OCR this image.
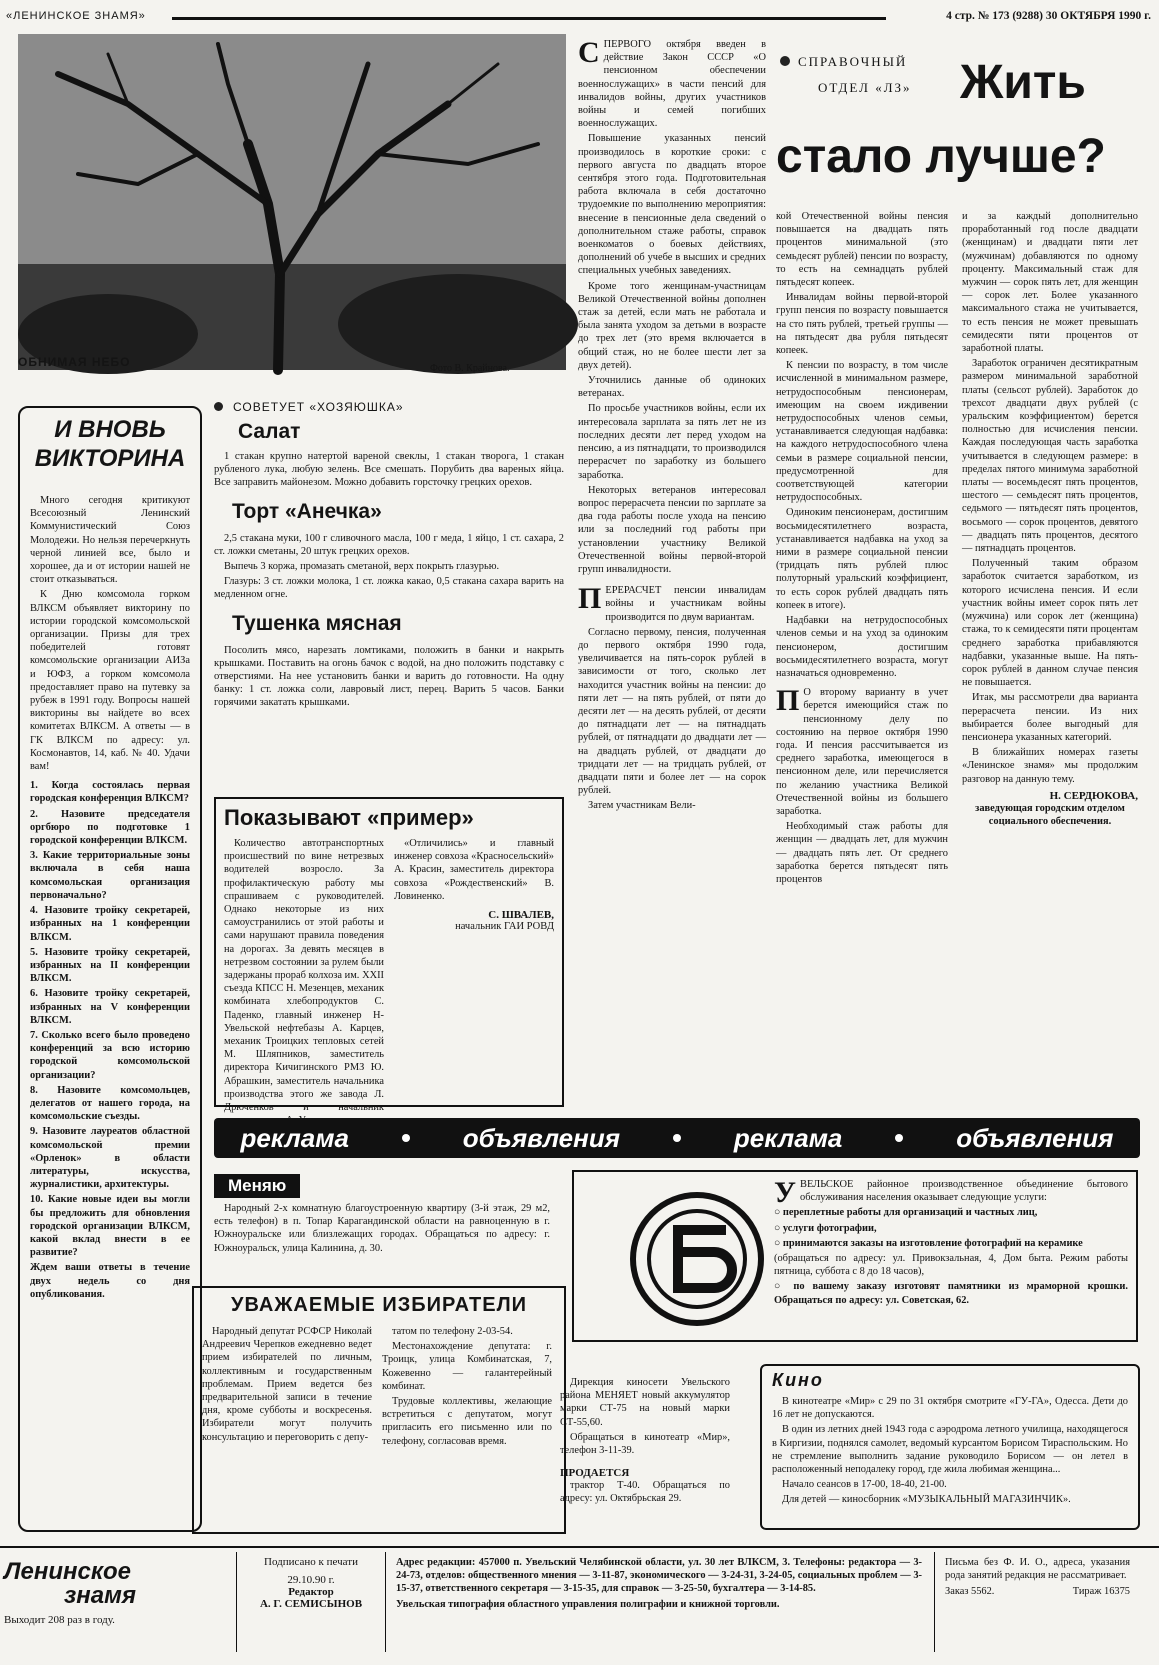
«ЛЕНИНСКОЕ ЗНАМЯ»	4 стр. № 173 (9288) 30 ОКТЯБРЯ 1990 г.
ОБНИМАЯ НЕБО	Фото В. Крайнова.
С ПЕРВОГО октября введен в действие Закон СССР «О пенсионном обеспечении военнослужащих» в части пенсий для инвалидов войны, других участников войны и семей погибших военнослужащих.

Повышение указанных пенсий производилось в короткие сроки: с первого августа по двадцать второе сентября этого года. Подготовительная работа включала в себя достаточно трудоемкие по выполнению мероприятия: внесение в пенсионные дела сведений о дополнительном стаже работы, справок военкоматов о боевых действиях, дополнений об учебе в высших и средних специальных учебных заведениях.

Кроме того женщинам-участницам Великой Отечественной войны дополнен стаж за детей, если мать не работала и была занята уходом за детьми в возрасте до трех лет (это время включается в общий стаж, но не более шести лет за двух детей).

Уточнились данные об одиноких ветеранах.

По просьбе участников войны, если их интересовала зарплата за пять лет не из последних десяти лет перед уходом на пенсию, а из пятнадцати, то производился перерасчет по заработку из большего заработка.

Некоторых ветеранов интересовал вопрос перерасчета пенсии по зарплате за два года работы после ухода на пенсию или за последний год работы при установлении участнику Великой Отечественной войны первой-второй групп инвалидности.

П ЕРЕРАСЧЕТ пенсии инвалидам войны и участникам войны производится по двум вариантам.

Согласно первому, пенсия, полученная до первого октября 1990 года, увеличивается на пять-сорок рублей в зависимости от того, сколько лет находится участник войны на пенсии: до пяти лет — на пять рублей, от пяти до десяти лет — на десять рублей, от десяти до пятнадцати лет — на пятнадцать рублей, от пятнадцати до двадцати лет — на двадцать рублей, от двадцати до тридцати лет — на тридцать рублей, от двадцати пяти и более лет — на сорок рублей.

Затем участникам Вели-

СПРАВОЧНЫЙ
ОТДЕЛ «ЛЗ» Жить
стало лучше?

кой Отечественной войны пенсия повышается на двадцать пять процентов минимальной (это семьдесят рублей) пенсии по возрасту, то есть на семнадцать рублей пятьдесят копеек.

Инвалидам войны первой-второй групп пенсия по возрасту повышается на сто пять рублей, третьей группы — на пятьдесят два рубля пятьдесят копеек.

К пенсии по возрасту, в том числе исчисленной в минимальном размере, нетрудоспособным пенсионерам, имеющим на своем иждивении нетрудоспособных членов семьи, устанавливается следующая надбавка: на каждого нетрудоспособного члена семьи в размере социальной пенсии, предусмотренной для соответствующей категории нетрудоспособных.

Одиноким пенсионерам, достигшим восьмидесятилетнего возраста, устанавливается надбавка на уход за ними в размере социальной пенсии (тридцать пять рублей плюс полуторный уральский коэффициент, то есть сорок рублей двадцать пять копеек в итоге).

Надбавки на нетрудоспособных членов семьи и на уход за одиноким пенсионером, достигшим восьмидесятилетнего возраста, могут назначаться одновременно.

П О второму варианту в учет берется имеющийся стаж по пенсионному делу по состоянию на первое октября 1990 года. И пенсия рассчитывается из среднего заработка, имеющегося в пенсионном деле, или перечисляется по желанию участника Великой Отечественной войны из большего заработка.

Необходимый стаж работы для женщин — двадцать лет, для мужчин — двадцать пять лет. От среднего заработка берется пятьдесят пять процентов

и за каждый дополнительно проработанный год после двадцати (женщинам) и двадцати пяти лет (мужчинам) добавляются по одному проценту. Максимальный стаж для мужчин — сорок пять лет, для женщин — сорок лет. Более указанного максимального стажа не учитывается, то есть пенсия не может превышать семидесяти пяти процентов от заработной платы.

Заработок ограничен десятикратным размером минимальной заработной платы (сельсот рублей). Заработок до трехсот двадцати двух рублей (с уральским коэффициентом) берется полностью для исчисления пенсии. Каждая последующая часть заработка учитывается в следующем размере: в пределах пятого минимума заработной платы — восемьдесят пять процентов, шестого — семьдесят пять процентов, седьмого — пятьдесят пять процентов, восьмого — сорок процентов, девятого — двадцать пять процентов, десятого — пятнадцать процентов.

Полученный таким образом заработок считается заработком, из которого исчислена пенсия. И если участник войны имеет сорок пять лет (мужчина) или сорок лет (женщина) стажа, то к семидесяти пяти процентам среднего заработка прибавляются надбавки, указанные выше. На пять-сорок рублей в данном случае пенсия не повышается.

Итак, мы рассмотрели два варианта перерасчета пенсии. Из них выбирается более выгодный для пенсионера указанных категорий.

В ближайших номерах газеты «Ленинское знамя» мы продолжим разговор на данную тему.

Н. СЕРДЮКОВА,
заведующая городским отделом социального обеспечения.
И ВНОВЬ
ВИКТОРИНА

Много сегодня критикуют Всесоюзный Ленинский Коммунистический Союз Молодежи. Но нельзя перечеркнуть черной линией все, было и хорошее, да и от истории нашей не стоит отказываться.

К Дню комсомола горком ВЛКСМ объявляет викторину по истории городской комсомольской организации. Призы для трех победителей готовят комсомольские организации АИЗа и ЮФЗ, а горком комсомола предоставляет право на путевку за рубеж в 1991 году. Вопросы нашей викторины вы найдете во всех комитетах ВЛКСМ. А ответы — в ГК ВЛКСМ по адресу: ул. Космонавтов, 14, каб. № 40. Удачи вам!

1. Когда состоялась первая городская конференция ВЛКСМ?

2. Назовите председателя оргбюро по подготовке 1 городской конференции ВЛКСМ.

3. Какие территориальные зоны включала в себя наша комсомольская организация первоначально?

4. Назовите тройку секретарей, избранных на 1 конференции ВЛКСМ.

5. Назовите тройку секретарей, избранных на II конференции ВЛКСМ.

6. Назовите тройку секретарей, избранных на V конференции ВЛКСМ.

7. Сколько всего было проведено конференций за всю историю городской комсомольской организации?

8. Назовите комсомольцев, делегатов от нашего города, на комсомольские съезды.

9. Назовите лауреатов областной комсомольской премии «Орленок» в области литературы, искусства, журналистики, архитектуры.

10. Какие новые идеи вы могли бы предложить для обновления городской организации ВЛКСМ, какой вклад внести в ее развитие?

Ждем ваши ответы в течение двух недель со дня опубликования.

СОВЕТУЕТ «ХОЗЯЮШКА»
Салат

1 стакан крупно натертой вареной свеклы, 1 стакан творога, 1 стакан рубленого лука, любую зелень. Все смешать. Порубить два вареных яйца. Все заправить майонезом. Можно добавить горсточку грецких орехов.

Торт «Анечка»

2,5 стакана муки, 100 г сливочного масла, 100 г меда, 1 яйцо, 1 ст. сахара, 2 ст. ложки сметаны, 20 штук грецких орехов.

Выпечь 3 коржа, промазать сметаной, верх покрыть глазурью.

Глазурь: 3 ст. ложки молока, 1 ст. ложка какао, 0,5 стакана сахара варить на медленном огне.

Тушенка мясная

Посолить мясо, нарезать ломтиками, положить в банки и накрыть крышками. Поставить на огонь бачок с водой, на дно положить подставку с отверстиями. На нее установить банки и варить до готовности. На одну банку: 1 ст. ложка соли, лавровый лист, перец. Варить 5 часов. Банки горячими закатать крышками.

Показывают «пример»

Количество автотранспортных происшествий по вине нетрезвых водителей возросло. За профилактическую работу мы спрашиваем с руководителей. Однако некоторые из них самоустранились от этой работы и сами нарушают правила поведения на дорогах. За девять месяцев в нетрезвом состоянии за рулем были задержаны прораб колхоза им. XXII съезда КПСС Н. Мезенцев, механик комбината хлебопродуктов С. Паденко, главный инженер Н-Увельской нефтебазы А. Карцев, механик Троицких тепловых сетей М. Шляпников, заместитель директора Кичигинского РМЗ Ю. Абрашкин, заместитель начальника производства этого же завода Л. Дрюченков и начальник

«Отличились» и главный инженер совхоза «Красносельский» А. Красин, заместитель директора совхоза «Рождественский» В. Ловиненко.

С. ШВАЛЕВ,
начальник ГАИ РОВД
реклама	объявления	реклама	объявления
Меняю

Народный 2-х комнатную благоустроенную квартиру (3-й этаж, 29 м2, есть телефон) в п. Топар Карагандинской области на равноценную в г. Южноуральске или близлежащих городах. Обращаться по адресу: г. Южноуральск, улица Калинина, д. 30.

УВАЖАЕМЫЕ ИЗБИРАТЕЛИ

Народный депутат РСФСР Николай Андреевич Черепков ежедневно ведет прием избирателей по личным, коллективным и государственным проблемам. Прием ведется без предварительной записи в течение дня, кроме субботы и воскресенья. Избиратели могут получить консультацию и переговорить с депу-

татом по телефону 2-03-54.

Местонахождение депутата: г. Троицк, улица Комбинатская, 7, Кожевенно — галантерейный комбинат.

Трудовые коллективы, желающие встретиться с депутатом, могут пригласить его письменно или по телефону, согласовав время.

У ВЕЛЬСКОЕ районное производственное объединение бытового обслуживания населения оказывает следующие услуги:

○ переплетные работы для организаций и частных лиц,

○ услуги фотографии,

○ принимаются заказы на изготовление фотографий на керамике

(обращаться по адресу: ул. Привокзальная, 4, Дом быта. Режим работы пятница, суббота с 8 до 18 часов),

○ по вашему заказу изготовят памятники из мраморной крошки. Обращаться по адресу: ул. Советская, 62.

Дирекция киносети Увельского района МЕНЯЕТ новый аккумулятор марки СТ-75 на новый марки СТ-55,60.

Обращаться в кинотеатр «Мир», телефон 3-11-39.

ПРОДАЕТСЯ

трактор Т-40. Обращаться по адресу: ул. Октябрьская 29.

Кино

В кинотеатре «Мир» с 29 по 31 октября смотрите «ГУ-ГА», Одесса. Дети до 16 лет не допускаются.

В один из летних дней 1943 года с аэродрома летного училища, находящегося в Киргизии, поднялся самолет, ведомый курсантом Борисом Тирaспольским. Но не стремление выполнить задание руководило Борисом — он летел в расположенный неподалеку город, где жила любимая женщина...

Начало сеансов в 17-00, 18-40, 21-00.

Для детей — киносборник «МУЗЫКАЛЬНЫЙ МАГАЗИНЧИК».

Ленинское
знамя
Выходит 208 раз в году.
Подписано к печати
29.10.90 г.
Редактор
А. Г. СЕМИСЫНОВ

Адрес редакции: 457000 п. Увельский Челябинской области, ул. 30 лет ВЛКСМ, 3. Телефоны: редактора — 3-24-73, отделов: общественного мнения — 3-11-87, экономического — 3-24-31, 3-24-05, социальных проблем — 3-15-37, ответственного секретаря — 3-15-35, для справок — 3-25-50, бухгалтера — 3-14-85.

Увельская типография областного управления полиграфии и книжной торговли.

Письма без Ф. И. О., адреса, указания рода занятий редакция не рассматривает.

Заказ 5562.	Тираж 16375
